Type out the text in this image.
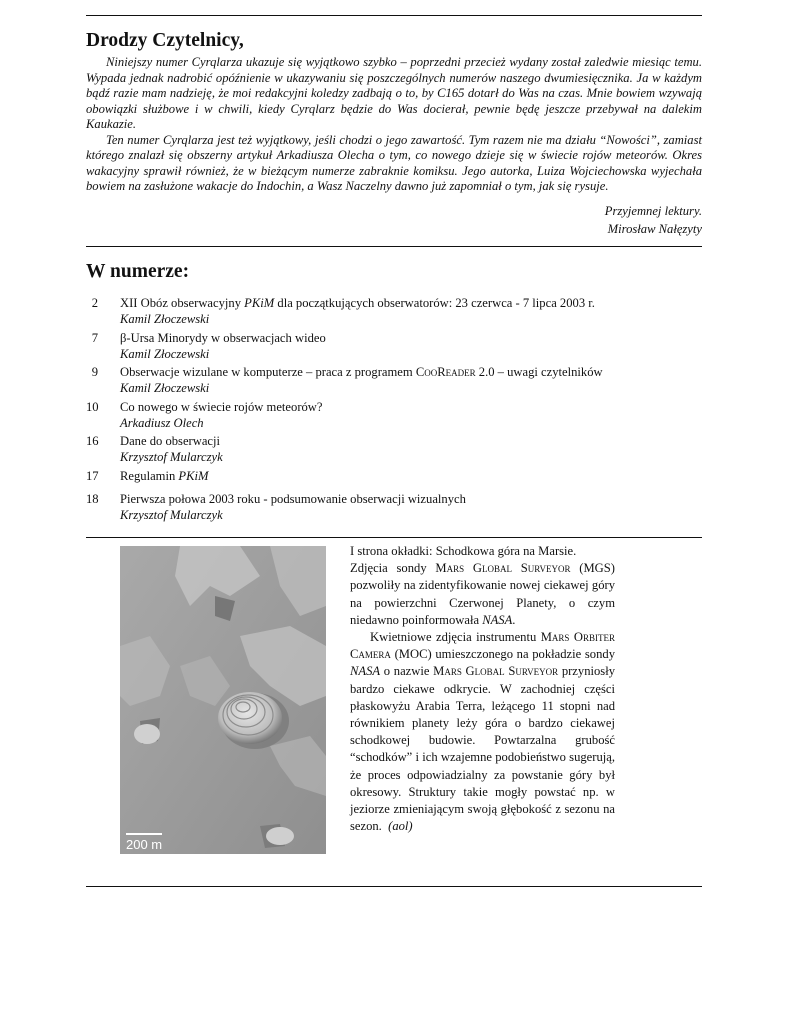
Drodzy Czytelnicy,

Niniejszy numer Cyrqlarza ukazuje się wyjątkowo szybko – poprzedni przecież wydany został zaledwie miesiąc temu. Wypada jednak nadrobić opóźnienie w ukazywaniu się poszczególnych numerów naszego dwumiesięcznika. Ja w każdym bądź razie mam nadzieję, że moi redakcyjni koledzy zadbają o to, by C165 dotarł do Was na czas. Mnie bowiem wzywają obowiązki służbowe i w chwili, kiedy Cyrqlarz będzie do Was docierał, pewnie będę jeszcze przebywał na dalekim Kaukazie.

Ten numer Cyrqlarza jest też wyjątkowy, jeśli chodzi o jego zawartość. Tym razem nie ma działu “Nowości”, zamiast którego znalazł się obszerny artykuł Arkadiusza Olecha o tym, co nowego dzieje się w świecie rojów meteorów. Okres wakacyjny sprawił również, że w bieżącym numerze zabraknie komiksu. Jego autorka, Luiza Wojciechowska wyjechała bowiem na zasłużone wakacje do Indochin, a Wasz Naczelny dawno już zapomniał o tym, jak się rysuje.

Przyjemnej lektury.
Mirosław Nałęzyty
W numerze:
2 XII Obóz obserwacyjny PKiM dla początkujących obserwatorów: 23 czerwca - 7 lipca 2003 r.
Kamil Złoczewski
7 β-Ursa Minorydy w obserwacjach wideo
Kamil Złoczewski
9 Obserwacje wizulane w komputerze – praca z programem CooReader 2.0 – uwagi czytelników
Kamil Złoczewski
10 Co nowego w świecie rojów meteorów?
Arkadiusz Olech
16 Dane do obserwacji
Krzysztof Mularczyk
17 Regulamin PKiM
18 Pierwsza połowa 2003 roku - podsumowanie obserwacji wizualnych
Krzysztof Mularczyk
200 m

I strona okładki: Schodkowa góra na Marsie.

Zdjęcia sondy Mars Global Surveyor (MGS) pozwoliły na zidentyfikowanie nowej ciekawej góry na powierzchni Czerwonej Planety, o czym niedawno poinformowała NASA.

Kwietniowe zdjęcia instrumentu Mars Orbiter Camera (MOC) umieszczonego na pokładzie sondy NASA o nazwie Mars Global Surveyor przyniosły bardzo ciekawe odkrycie. W zachodniej części płaskowyżu Arabia Terra, leżącego 11 stopni nad równikiem planety leży góra o bardzo ciekawej schodkowej budowie. Powtarzalna grubość “schodków” i ich wzajemne podobieństwo sugerują, że proces odpowiadzialny za powstanie góry był okresowy. Struktury takie mogły powstać np. w jeziorze zmieniającym swoją głębokość z sezonu na sezon. (aol)
